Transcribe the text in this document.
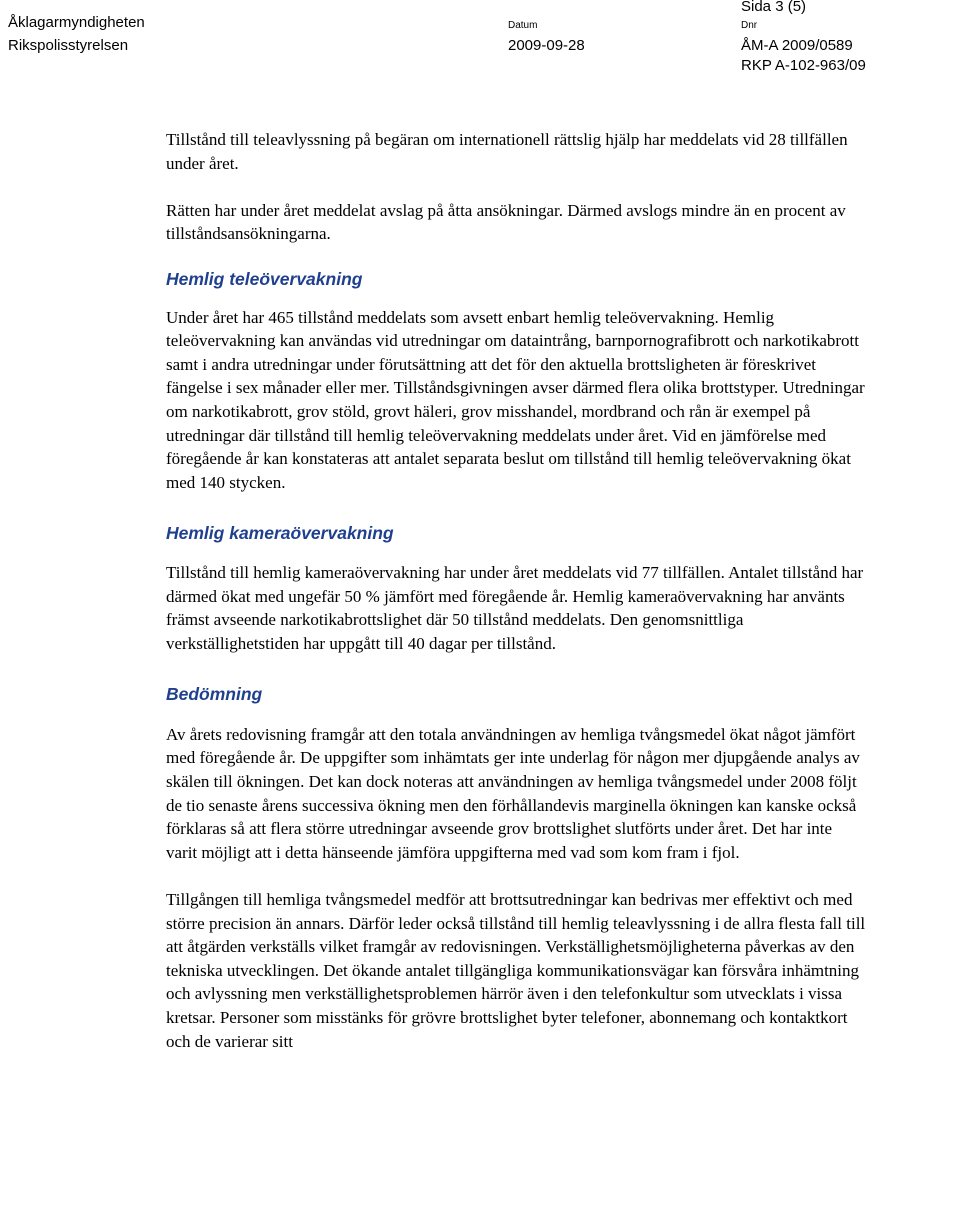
Åklagarmyndigheten
Rikspolisstyrelsen
Datum
2009-09-28
Dnr
Sida 3 (5)
ÅM-A 2009/0589
RKP A-102-963/09

Tillstånd till teleavlyssning på begäran om internationell rättslig hjälp har meddelats vid 28 tillfällen under året.

Rätten har under året meddelat avslag på åtta ansökningar. Därmed avslogs mindre än en procent av tillståndsansökningarna.

Hemlig teleövervakning

Under året har 465 tillstånd meddelats som avsett enbart hemlig teleövervakning. Hemlig teleövervakning kan användas vid utredningar om dataintrång, barnpornografibrott och narkotikabrott samt i andra utredningar under förutsättning att det för den aktuella brottsligheten är föreskrivet fängelse i sex månader eller mer. Tillståndsgivningen avser därmed flera olika brottstyper. Utredningar om narkotikabrott, grov stöld, grovt häleri, grov misshandel, mordbrand och rån är exempel på utredningar där tillstånd till hemlig teleövervakning meddelats under året. Vid en jämförelse med föregående år kan konstateras att antalet separata beslut om tillstånd till hemlig teleövervakning ökat med 140 stycken.

Hemlig kameraövervakning

Tillstånd till hemlig kameraövervakning har under året meddelats vid 77 tillfällen. Antalet tillstånd har därmed ökat med ungefär 50 % jämfört med föregående år. Hemlig kameraövervakning har använts främst avseende narkotikabrottslighet där 50 tillstånd meddelats. Den genomsnittliga verkställighetstiden har uppgått till 40 dagar per tillstånd.

Bedömning

Av årets redovisning framgår att den totala användningen av hemliga tvångsmedel ökat något jämfört med föregående år. De uppgifter som inhämtats ger inte underlag för någon mer djupgående analys av skälen till ökningen. Det kan dock noteras att användningen av hemliga tvångsmedel under 2008 följt de tio senaste årens successiva ökning men den förhållandevis marginella ökningen kan kanske också förklaras så att flera större utredningar avseende grov brottslighet slutförts under året. Det har inte varit möjligt att i detta hänseende jämföra uppgifterna med vad som kom fram i fjol.

Tillgången till hemliga tvångsmedel medför att brottsutredningar kan bedrivas mer effektivt och med större precision än annars. Därför leder också tillstånd till hemlig teleavlyssning i de allra flesta fall till att åtgärden verkställs vilket framgår av redovisningen. Verkställighetsmöjligheterna påverkas av den tekniska utvecklingen. Det ökande antalet tillgängliga kommunikationsvägar kan försvåra inhämtning och avlyssning men verkställighetsproblemen härrör även i den telefonkultur som utvecklats i vissa kretsar. Personer som misstänks för grövre brottslighet byter telefoner, abonnemang och kontaktkort och de varierar sitt
